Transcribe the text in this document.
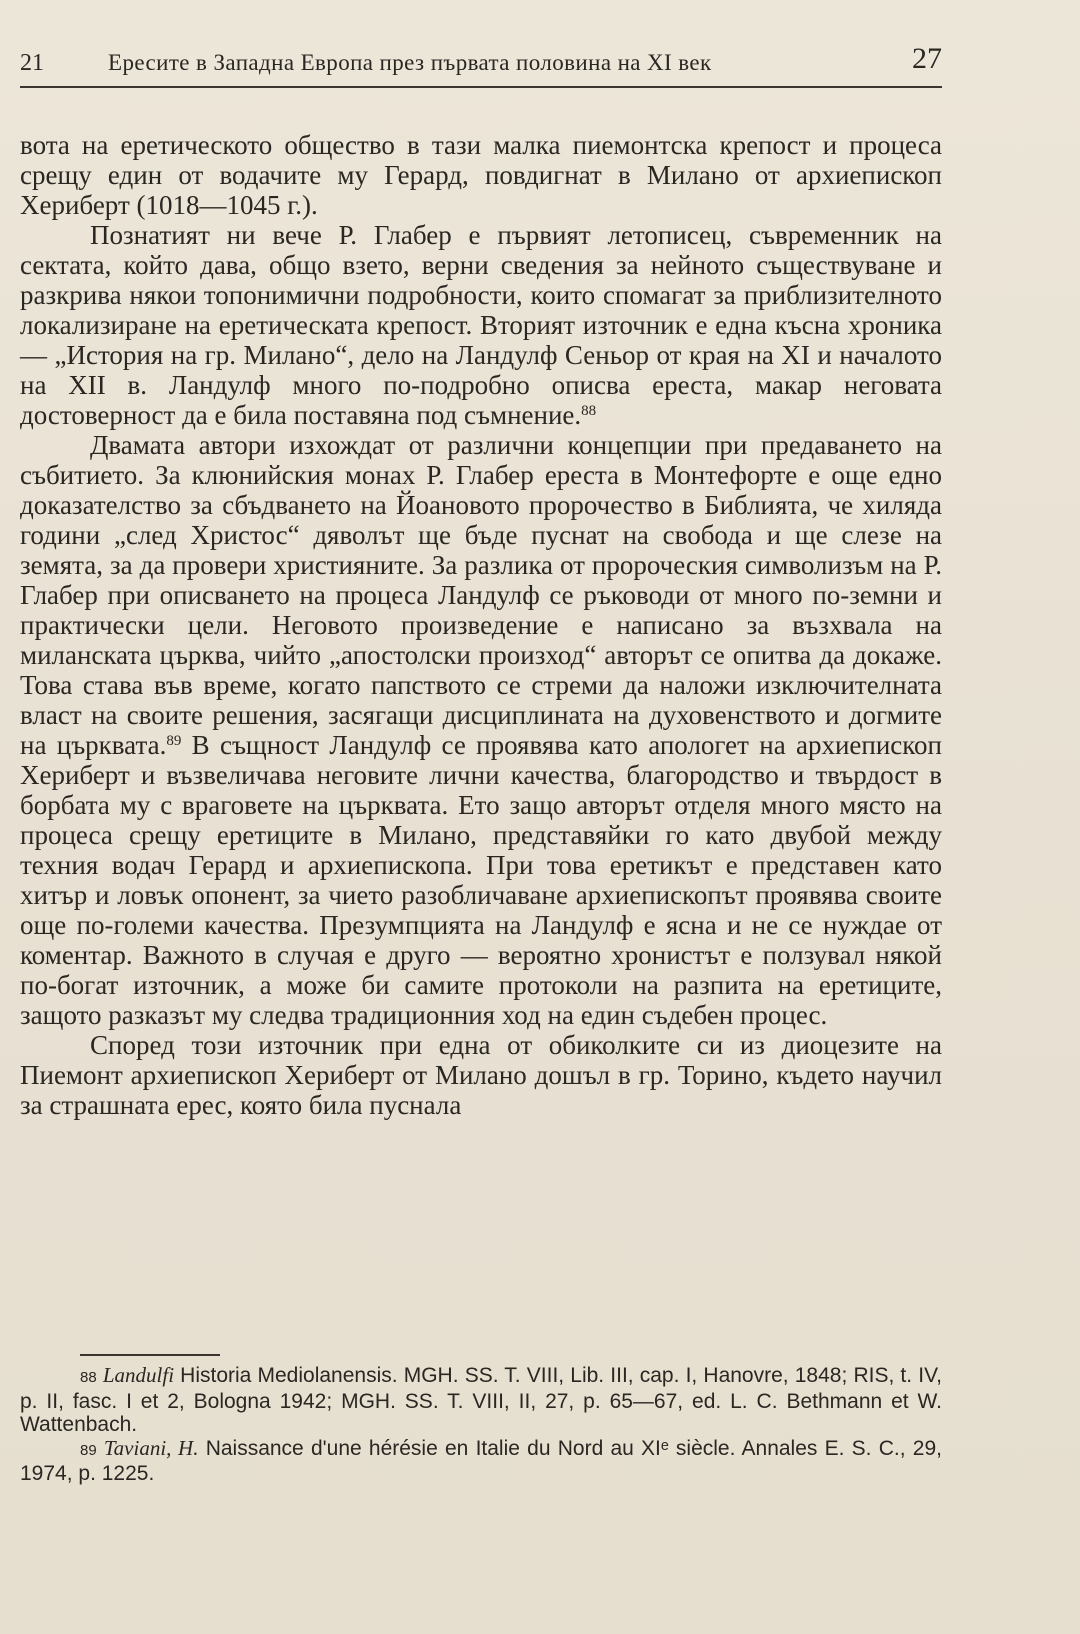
21	Ересите в Западна Европа през първата половина на XI век	27

вота на еретическото общество в тази малка пиемонтска крепост и процеса срещу един от водачите му Герард, повдигнат в Милано от архиепископ Хериберт (1018—1045 г.).

Познатият ни вече Р. Глабер е първият летописец, съвременник на сектата, който дава, общо взето, верни сведения за нейното съществуване и разкрива някои топонимични подробности, които спомагат за приблизителното локализиране на еретическата крепост. Вторият източник е една късна хроника — „История на гр. Милано“, дело на Ландулф Сеньор от края на XI и началото на XII в. Ландулф много по-подробно описва ереста, макар неговата достоверност да е била поставяна под съмнение.$^{88}$

Двамата автори изхождат от различни концепции при предаването на събитието. За клюнийския монах Р. Глабер ереста в Монтефорте е още едно доказателство за сбъдването на Йоановото пророчество в Библията, че хиляда години „след Христос“ дяволът ще бъде пуснат на свобода и ще слезе на земята, за да провери християните. За разлика от пророческия символизъм на Р. Глабер при описването на процеса Ландулф се ръководи от много по-земни и практически цели. Неговото произведение е написано за възхвала на миланската църква, чийто „апостолски произход“ авторът се опитва да докаже. Това става във време, когато папството се стреми да наложи изключителната власт на своите решения, засягащи дисциплината на духовенството и догмите на църквата.$^{89}$ В същност Ландулф се проявява като апологет на архиепископ Хериберт и възвеличава неговите лични качества, благородство и твърдост в борбата му с враговете на църквата. Ето защо авторът отделя много място на процеса срещу еретиците в Милано, представяйки го като двубой между техния водач Герард и архиепископа. При това еретикът е представен като хитър и ловък опонент, за чието разобличаване архиепископът проявява своите още по-големи качества. Презумпцията на Ландулф е ясна и не се нуждае от коментар. Важното в случая е друго — вероятно хронистът е ползувал някой по-богат източник, а може би самите протоколи на разпита на еретиците, защото разказът му следва традиционния ход на един съдебен процес.

Според този източник при една от обиколките си из диоцезите на Пиемонт архиепископ Хериберт от Милано дошъл в гр. Торино, където научил за страшната ерес, която била пуснала

88 Landulfi Historia Mediolanensis. MGH. SS. T. VIII, Lib. III, cap. I, Hanovre, 1848; RIS, t. IV, p. II, fasc. I et 2, Bologna 1942; MGH. SS. T. VIII, II, 27, p. 65—67, ed. L. C. Bethmann et W. Wattenbach.

89 Taviani, H. Naissance d'une hérésie en Italie du Nord au XIᵉ siècle. Annales E. S. C., 29, 1974, p. 1225.
